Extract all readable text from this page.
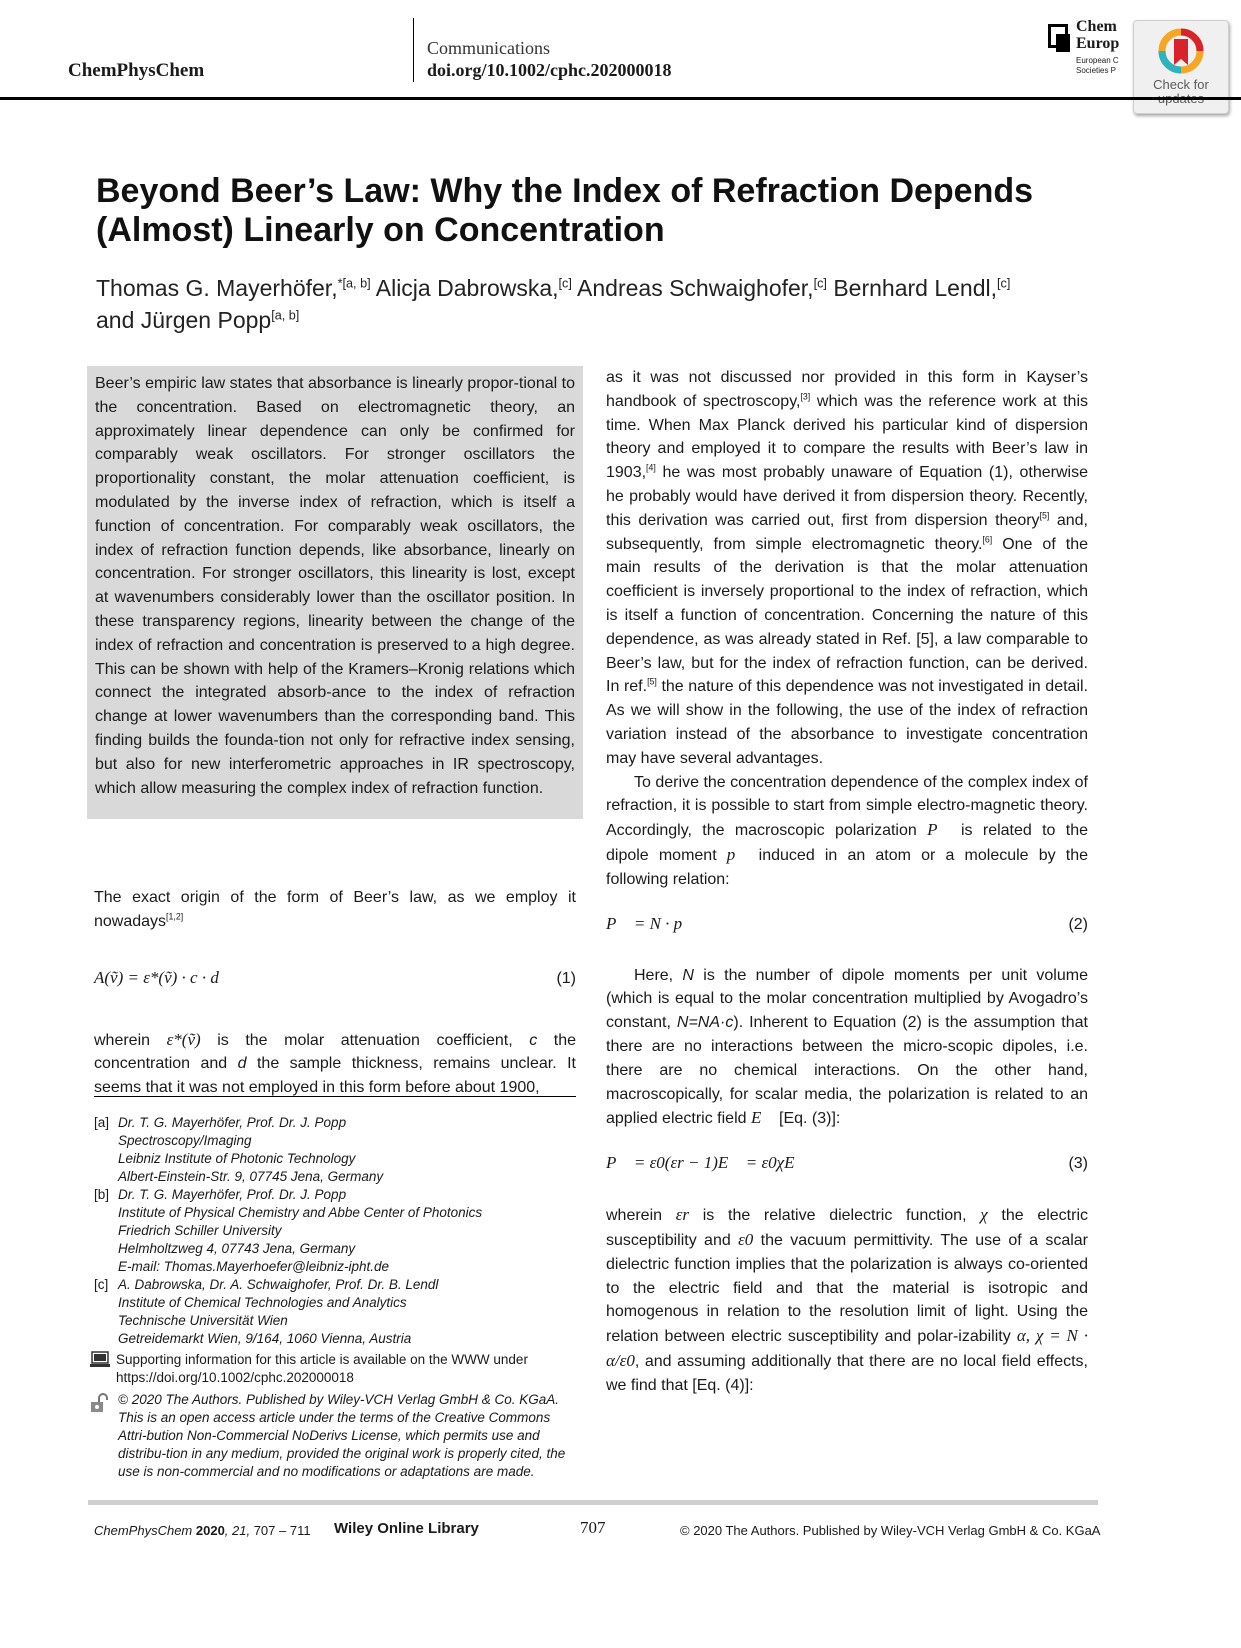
ChemPhysChem
Communications
doi.org/10.1002/cphc.202000018
Chem
Europ
European C
Societies P
Check for
Beyond Beer’s Law: Why the Index of Refraction Depends (Almost) Linearly on Concentration
Thomas G. Mayerhöfer,$^{*[a, b]}$ Alicja Dabrowska,[c] Andreas Schwaighofer,[c] Bernhard Lendl,[c]
and Jürgen Popp[a, b]

Beer’s empiric law states that absorbance is linearly propor-tional to the concentration. Based on electromagnetic theory, an approximately linear dependence can only be confirmed for comparably weak oscillators. For stronger oscillators the proportionality constant, the molar attenuation coefficient, is modulated by the inverse index of refraction, which is itself a function of concentration. For comparably weak oscillators, the index of refraction function depends, like absorbance, linearly on concentration. For stronger oscillators, this linearity is lost, except at wavenumbers considerably lower than the oscillator position. In these transparency regions, linearity between the change of the index of refraction and concentration is preserved to a high degree. This can be shown with help of the Kramers–Kronig relations which connect the integrated absorb-ance to the index of refraction change at lower wavenumbers than the corresponding band. This finding builds the founda-tion not only for refractive index sensing, but also for new interferometric approaches in IR spectroscopy, which allow measuring the complex index of refraction function.

The exact origin of the form of Beer’s law, as we employ it nowadays[1,2]

A(ṽ) = ε*(ṽ) · c · d	(1)

wherein ε*(ṽ) is the molar attenuation coefficient, c the concentration and d the sample thickness, remains unclear. It seems that it was not employed in this form before about 1900,

[a] Dr. T. G. Mayerhöfer, Prof. Dr. J. Popp
Spectroscopy/Imaging
Leibniz Institute of Photonic Technology
Albert-Einstein-Str. 9, 07745 Jena, Germany
[b] Dr. T. G. Mayerhöfer, Prof. Dr. J. Popp
Institute of Physical Chemistry and Abbe Center of Photonics
Friedrich Schiller University
Helmholtzweg 4, 07743 Jena, Germany
E-mail: Thomas.Mayerhoefer@leibniz-ipht.de
[c] A. Dabrowska, Dr. A. Schwaighofer, Prof. Dr. B. Lendl
Institute of Chemical Technologies and Analytics
Technische Universität Wien
Getreidemarkt Wien, 9/164, 1060 Vienna, Austria
Supporting information for this article is available on the WWW under https://doi.org/10.1002/cphc.202000018
© 2020 The Authors. Published by Wiley-VCH Verlag GmbH & Co. KGaA. This is an open access article under the terms of the Creative Commons Attri-bution Non-Commercial NoDerivs License, which permits use and distribu-tion in any medium, provided the original work is properly cited, the use is non-commercial and no modifications or adaptations are made.

as it was not discussed nor provided in this form in Kayser’s handbook of spectroscopy,[3] which was the reference work at this time. When Max Planck derived his particular kind of dispersion theory and employed it to compare the results with Beer’s law in 1903,[4] he was most probably unaware of Equation (1), otherwise he probably would have derived it from dispersion theory. Recently, this derivation was carried out, first from dispersion theory[5] and, subsequently, from simple electromagnetic theory.[6] One of the main results of the derivation is that the molar attenuation coefficient is inversely proportional to the index of refraction, which is itself a function of concentration. Concerning the nature of this dependence, as was already stated in Ref. [5], a law comparable to Beer’s law, but for the index of refraction function, can be derived. In ref.[5] the nature of this dependence was not investigated in detail. As we will show in the following, the use of the index of refraction variation instead of the absorbance to investigate concentration may have several advantages.

To derive the concentration dependence of the complex index of refraction, it is possible to start from simple electro-magnetic theory. Accordingly, the macroscopic polarization P⃗ is related to the dipole moment p⃗ induced in an atom or a molecule by the following relation:

P⃗ = N · p⃗	(2)

Here, N is the number of dipole moments per unit volume (which is equal to the molar concentration multiplied by Avogadro’s constant, N=NA·c). Inherent to Equation (2) is the assumption that there are no interactions between the micro-scopic dipoles, i.e. there are no chemical interactions. On the other hand, macroscopically, for scalar media, the polarization is related to an applied electric field E⃗ [Eq. (3)]:

P⃗ = ε0(εr − 1)E⃗ = ε0χE⃗	(3)

wherein εr is the relative dielectric function, χ the electric susceptibility and ε0 the vacuum permittivity. The use of a scalar dielectric function implies that the polarization is always co-oriented to the electric field and that the material is isotropic and homogenous in relation to the resolution limit of light. Using the relation between electric susceptibility and polar-izability α, χ = N · α/ε0, and assuming additionally that there are no local field effects, we find that [Eq. (4)]:

ChemPhysChem 2020, 21, 707 – 711 Wiley Online Library	707	© 2020 The Authors. Published by Wiley-VCH Verlag GmbH & Co. KGaA
